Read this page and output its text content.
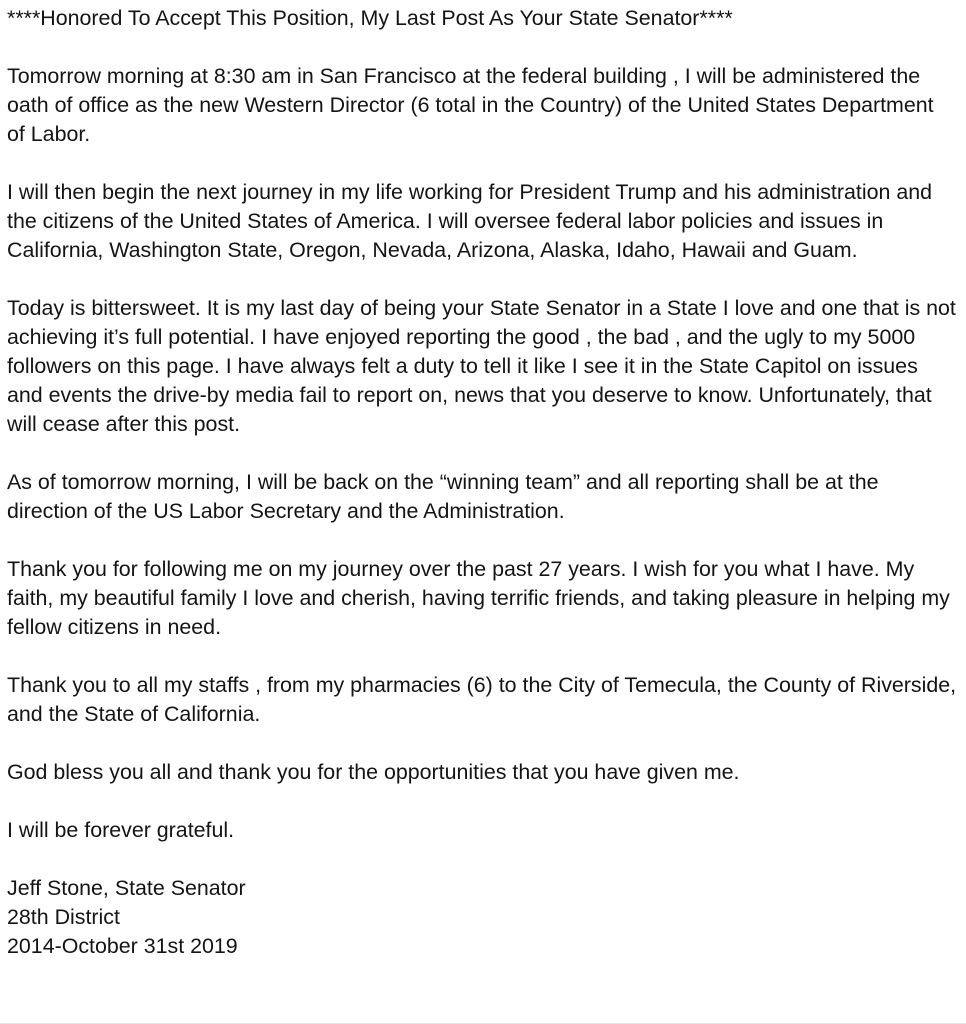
****Honored To Accept This Position, My Last Post As Your State Senator****

Tomorrow morning at 8:30 am in San Francisco at the federal building , I will be administered the oath of office as the new Western Director (6 total in the Country) of the United States Department of Labor.

I will then begin the next journey in my life working for President Trump and his administration and the citizens of the United States of America. I will oversee federal labor policies and issues in California, Washington State, Oregon, Nevada, Arizona, Alaska, Idaho, Hawaii and Guam.

Today is bittersweet. It is my last day of being your State Senator in a State I love and one that is not achieving it’s full potential. I have enjoyed reporting the good , the bad , and the ugly to my 5000 followers on this page. I have always felt a duty to tell it like I see it in the State Capitol on issues and events the drive-by media fail to report on, news that you deserve to know. Unfortunately, that will cease after this post.

As of tomorrow morning, I will be back on the “winning team” and all reporting shall be at the direction of the US Labor Secretary and the Administration.

Thank you for following me on my journey over the past 27 years. I wish for you what I have. My faith, my beautiful family I love and cherish, having terrific friends, and taking pleasure in helping my fellow citizens in need.

Thank you to all my staffs , from my pharmacies (6) to the City of Temecula, the County of Riverside, and the State of California.

God bless you all and thank you for the opportunities that you have given me.

I will be forever grateful.

Jeff Stone, State Senator
28th District
2014-October 31st 2019
